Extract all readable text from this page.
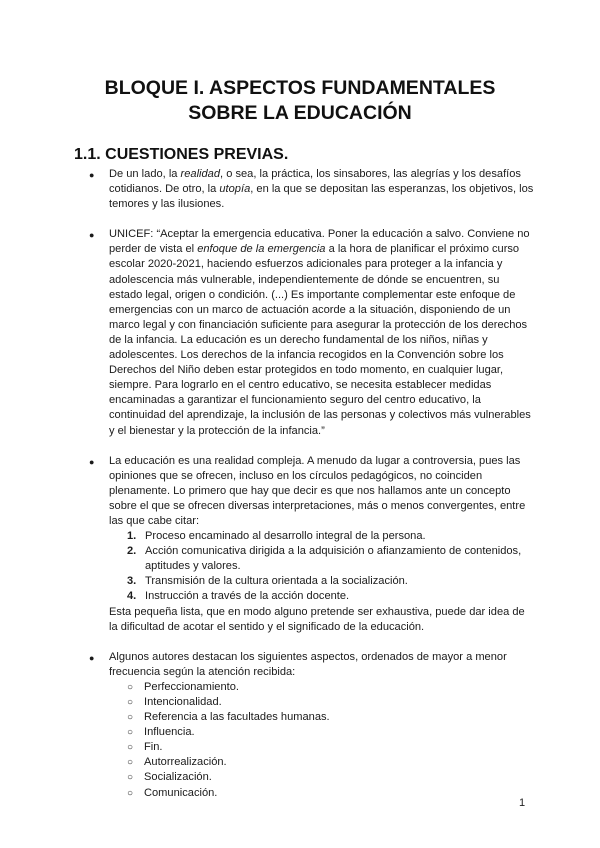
BLOQUE I. ASPECTOS FUNDAMENTALES
SOBRE LA EDUCACIÓN
1.1. CUESTIONES PREVIAS.
● De un lado, la realidad, o sea, la práctica, los sinsabores, las alegrías y los desafíos cotidianos. De otro, la utopía, en la que se depositan las esperanzas, los objetivos, los temores y las ilusiones.
● UNICEF: “Aceptar la emergencia educativa. Poner la educación a salvo. Conviene no perder de vista el enfoque de la emergencia a la hora de planificar el próximo curso escolar 2020-2021, haciendo esfuerzos adicionales para proteger a la infancia y adolescencia más vulnerable, independientemente de dónde se encuentren, su estado legal, origen o condición. (...) Es importante complementar este enfoque de emergencias con un marco de actuación acorde a la situación, disponiendo de un marco legal y con financiación suficiente para asegurar la protección de los derechos de la infancia. La educación es un derecho fundamental de los niños, niñas y adolescentes. Los derechos de la infancia recogidos en la Convención sobre los Derechos del Niño deben estar protegidos en todo momento, en cualquier lugar, siempre. Para lograrlo en el centro educativo, se necesita establecer medidas encaminadas a garantizar el funcionamiento seguro del centro educativo, la continuidad del aprendizaje, la inclusión de las personas y colectivos más vulnerables y el bienestar y la protección de la infancia.”
● La educación es una realidad compleja. A menudo da lugar a controversia, pues las opiniones que se ofrecen, incluso en los círculos pedagógicos, no coinciden plenamente. Lo primero que hay que decir es que nos hallamos ante un concepto sobre el que se ofrecen diversas interpretaciones, más o menos convergentes, entre las que cabe citar:
1. Proceso encaminado al desarrollo integral de la persona.
2. Acción comunicativa dirigida a la adquisición o afianzamiento de contenidos, aptitudes y valores.
3. Transmisión de la cultura orientada a la socialización.
4. Instrucción a través de la acción docente.
Esta pequeña lista, que en modo alguno pretende ser exhaustiva, puede dar idea de la dificultad de acotar el sentido y el significado de la educación.
● Algunos autores destacan los siguientes aspectos, ordenados de mayor a menor frecuencia según la atención recibida:
○ Perfeccionamiento.
○ Intencionalidad.
○ Referencia a las facultades humanas.
○ Influencia.
○ Fin.
○ Autorrealización.
○ Socialización.
○ Comunicación.
1
